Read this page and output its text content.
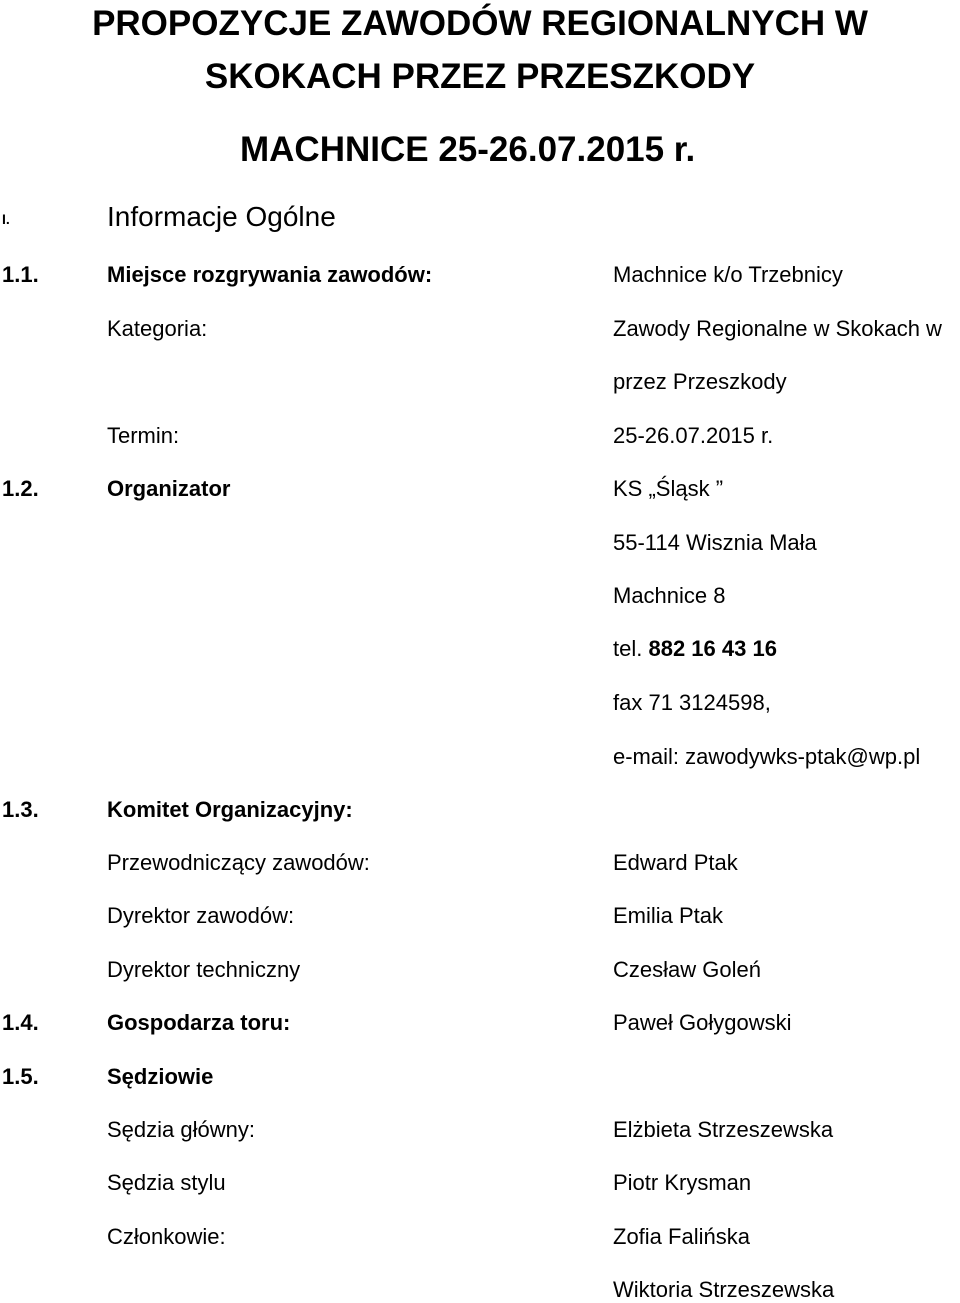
PROPOZYCJE ZAWODÓW REGIONALNYCH W
SKOKACH PRZEZ PRZESZKODY
MACHNICE 25-26.07.2015 r.
I.	Informacje Ogólne
1.1.	Miejsce rozgrywania zawodów:	Machnice k/o Trzebnicy
Kategoria:	Zawody Regionalne w Skokach w
przez Przeszkody
Termin:	25-26.07.2015 r.
1.2.	Organizator	KS „Śląsk ”
55-114 Wisznia Mała
Machnice 8
tel. 882 16 43 16
fax 71 3124598,
e-mail: zawodywks-ptak@wp.pl
1.3.	Komitet Organizacyjny:
Przewodniczący zawodów:	Edward Ptak
Dyrektor zawodów:	Emilia Ptak
Dyrektor techniczny	Czesław Goleń
1.4.	Gospodarza toru:	Paweł Gołygowski
1.5.	Sędziowie
Sędzia główny:	Elżbieta Strzeszewska
Sędzia stylu	Piotr Krysman
Członkowie:	Zofia Falińska
Wiktoria Strzeszewska
